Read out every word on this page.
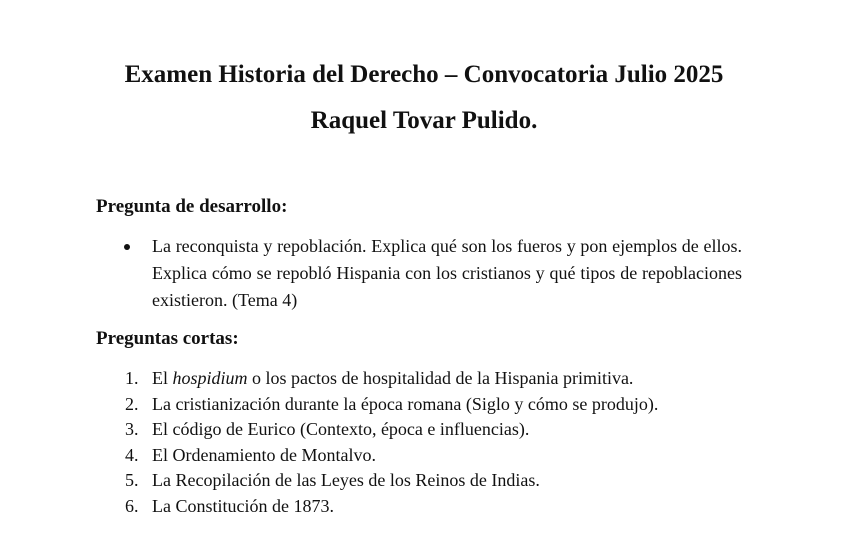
Examen Historia del Derecho – Convocatoria Julio 2025
Raquel Tovar Pulido.

Pregunta de desarrollo:

La reconquista y repoblación. Explica qué son los fueros y pon ejemplos de ellos. Explica cómo se repobló Hispania con los cristianos y qué tipos de repoblaciones existieron. (Tema 4)

Preguntas cortas:

1. El hospidium o los pactos de hospitalidad de la Hispania primitiva.
2. La cristianización durante la época romana (Siglo y cómo se produjo).
3. El código de Eurico (Contexto, época e influencias).
4. El Ordenamiento de Montalvo.
5. La Recopilación de las Leyes de los Reinos de Indias.
6. La Constitución de 1873.
